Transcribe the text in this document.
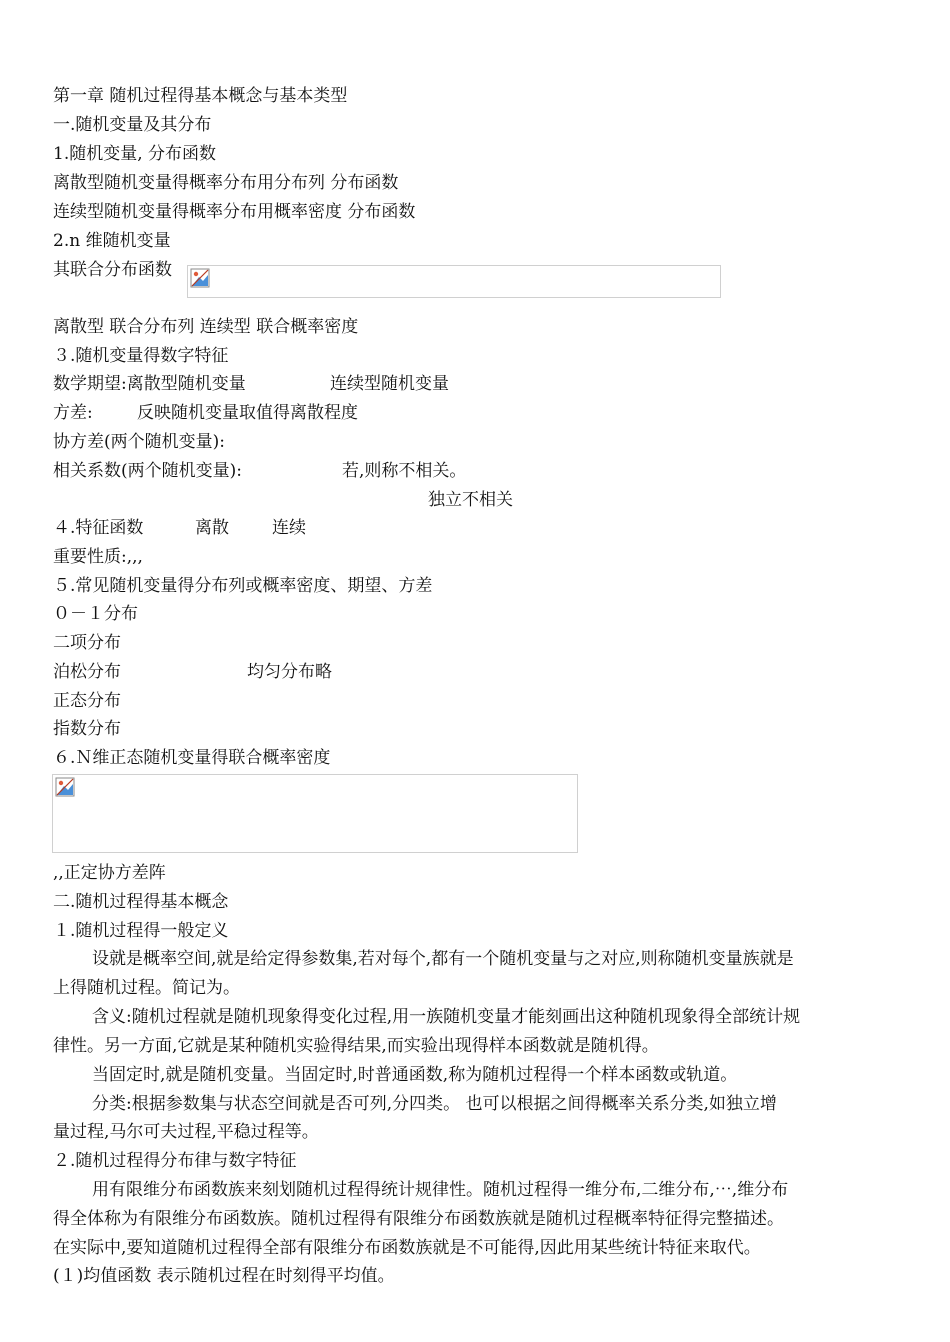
第一章 随机过程得基本概念与基本类型
一.随机变量及其分布
1.随机变量, 分布函数
离散型随机变量得概率分布用分布列 分布函数
连续型随机变量得概率分布用概率密度 分布函数
2.n 维随机变量
其联合分布函数
离散型 联合分布列 连续型 联合概率密度
３.随机变量得数字特征
数学期望:离散型随机变量	连续型随机变量
方差:	反映随机变量取值得离散程度
协方差(两个随机变量):
相关系数(两个随机变量):	若,则称不相关。
独立不相关
４.特征函数	离散	连续
重要性质:,,,
５.常见随机变量得分布列或概率密度、期望、方差
０－１分布
二项分布
泊松分布	均匀分布略
正态分布
指数分布
６.Ｎ维正态随机变量得联合概率密度
,,正定协方差阵
二.随机过程得基本概念
１.随机过程得一般定义
设就是概率空间,就是给定得参数集,若对每个,都有一个随机变量与之对应,则称随机变量族就是
上得随机过程。简记为。
含义:随机过程就是随机现象得变化过程,用一族随机变量才能刻画出这种随机现象得全部统计规
律性。另一方面,它就是某种随机实验得结果,而实验出现得样本函数就是随机得。
当固定时,就是随机变量。当固定时,时普通函数,称为随机过程得一个样本函数或轨道。
分类:根据参数集与状态空间就是否可列,分四类。 也可以根据之间得概率关系分类,如独立增
量过程,马尔可夫过程,平稳过程等。
２.随机过程得分布律与数字特征
用有限维分布函数族来刻划随机过程得统计规律性。随机过程得一维分布,二维分布,⋯,维分布
得全体称为有限维分布函数族。随机过程得有限维分布函数族就是随机过程概率特征得完整描述。
在实际中,要知道随机过程得全部有限维分布函数族就是不可能得,因此用某些统计特征来取代。
(１)均值函数 表示随机过程在时刻得平均值。
